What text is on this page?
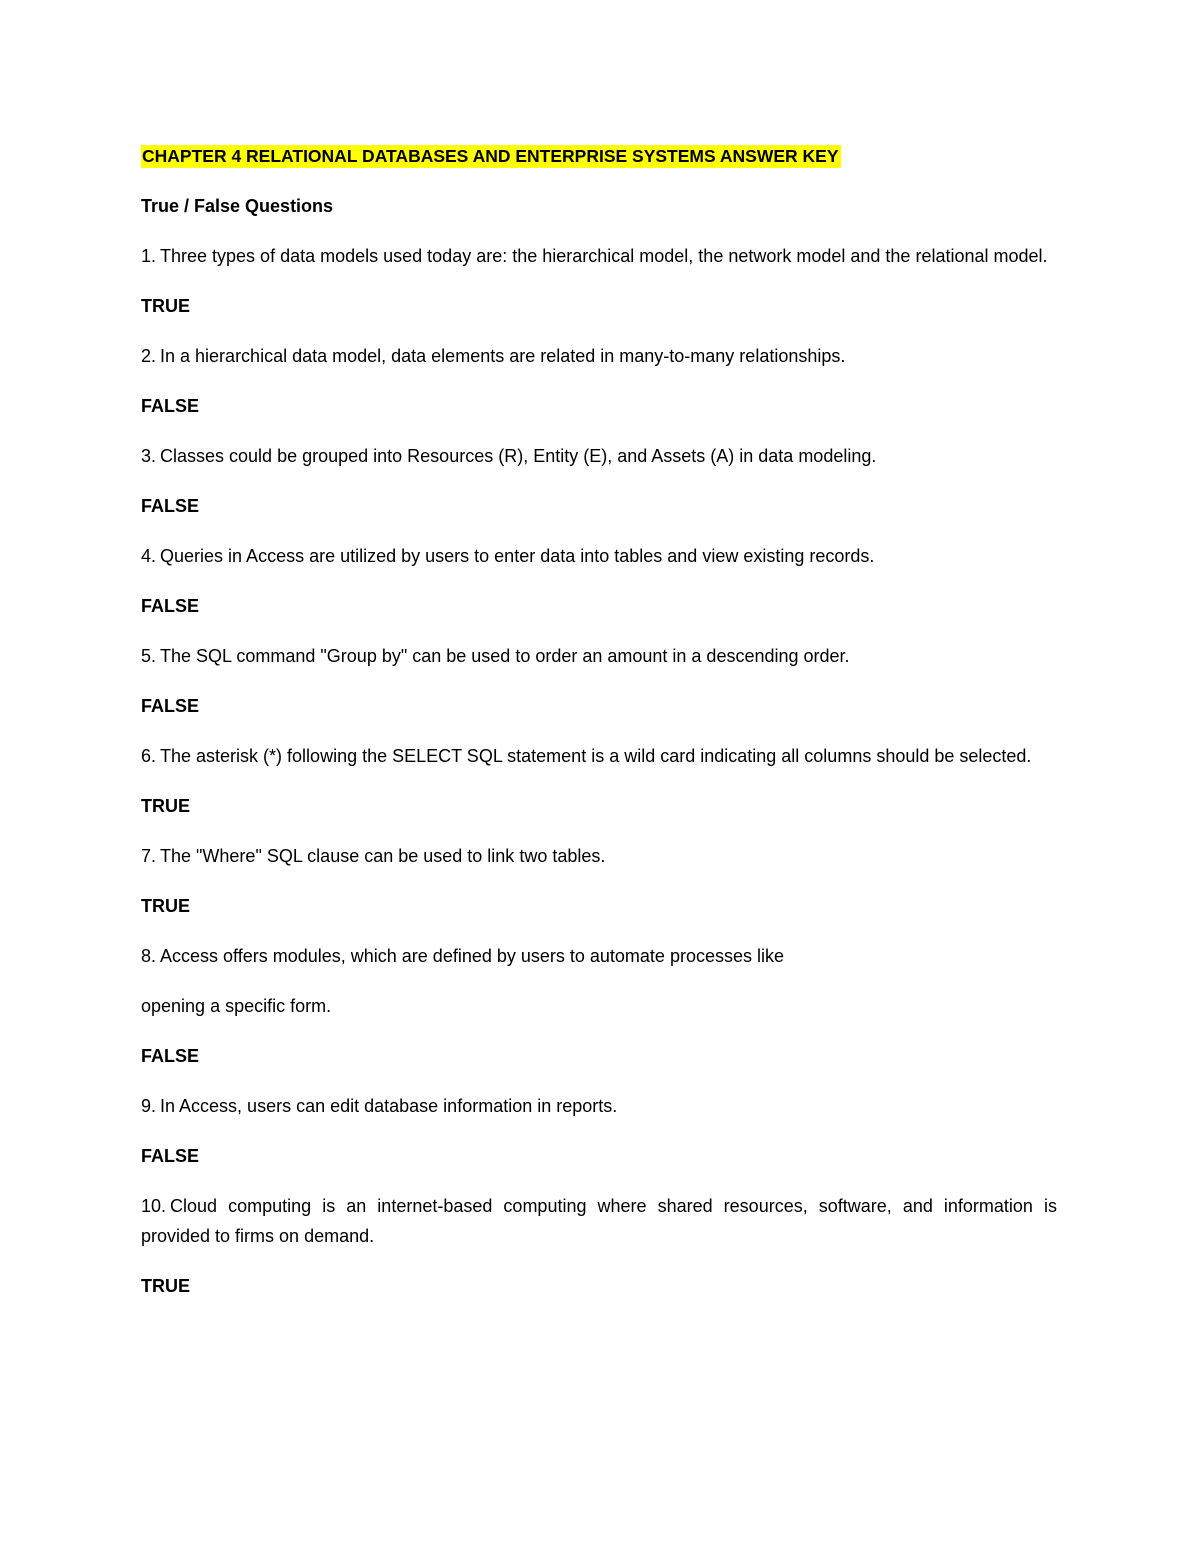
CHAPTER 4 RELATIONAL DATABASES AND ENTERPRISE SYSTEMS ANSWER KEY

True / False Questions

1. Three types of data models used today are: the hierarchical model, the network model and the relational model.

TRUE

2. In a hierarchical data model, data elements are related in many-to-many relationships.

FALSE

3. Classes could be grouped into Resources (R), Entity (E), and Assets (A) in data modeling.

FALSE

4. Queries in Access are utilized by users to enter data into tables and view existing records.

FALSE

5. The SQL command "Group by" can be used to order an amount in a descending order.

FALSE

6. The asterisk (*) following the SELECT SQL statement is a wild card indicating all columns should be selected.

TRUE

7. The "Where" SQL clause can be used to link two tables.

TRUE

8. Access offers modules, which are defined by users to automate processes like

opening a specific form.

FALSE

9. In Access, users can edit database information in reports.

FALSE

10. Cloud computing is an internet-based computing where shared resources, software, and information is provided to firms on demand.

TRUE
